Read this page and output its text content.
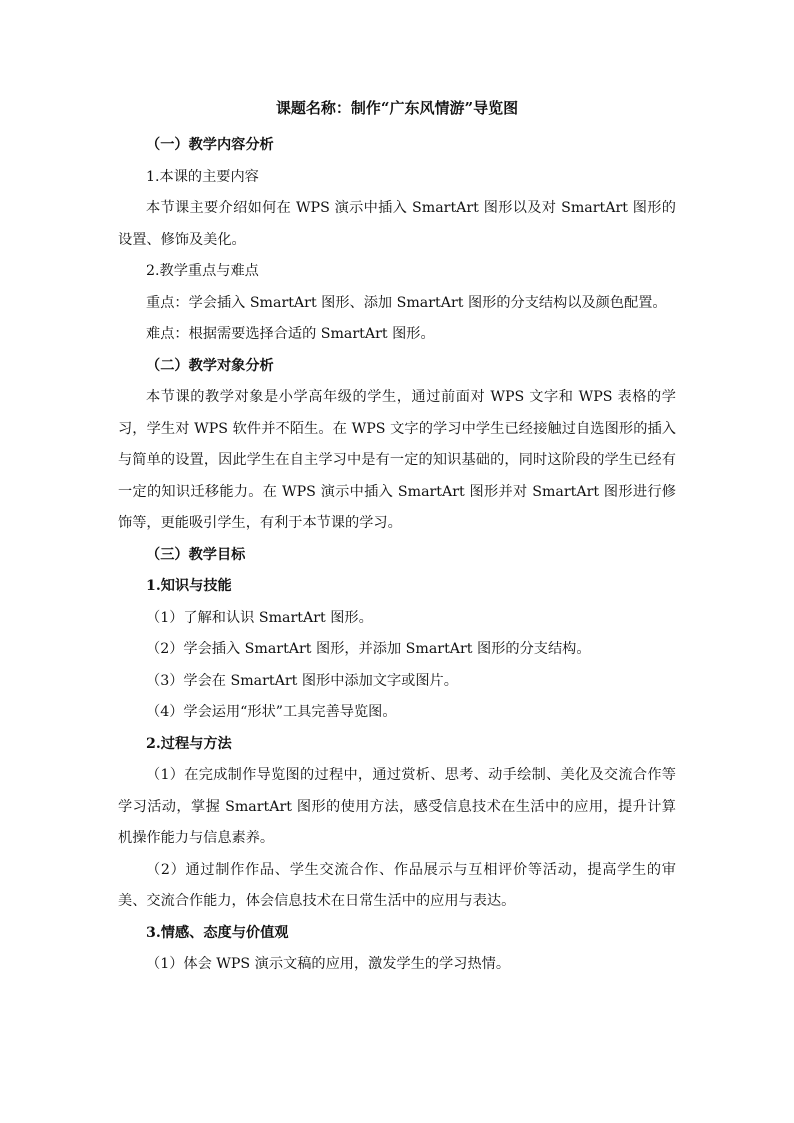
课题名称：制作“广东风情游”导览图

（一）教学内容分析

1.本课的主要内容

本节课主要介绍如何在 WPS 演示中插入 SmartArt 图形以及对 SmartArt 图形的设置、修饰及美化。

2.教学重点与难点

重点：学会插入 SmartArt 图形、添加 SmartArt 图形的分支结构以及颜色配置。

难点：根据需要选择合适的 SmartArt 图形。

（二）教学对象分析

本节课的教学对象是小学高年级的学生，通过前面对 WPS 文字和 WPS 表格的学习，学生对 WPS 软件并不陌生。在 WPS 文字的学习中学生已经接触过自选图形的插入与简单的设置，因此学生在自主学习中是有一定的知识基础的，同时这阶段的学生已经有一定的知识迁移能力。在 WPS 演示中插入 SmartArt 图形并对 SmartArt 图形进行修饰等，更能吸引学生，有利于本节课的学习。

（三）教学目标

1.知识与技能

（1）了解和认识 SmartArt 图形。

（2）学会插入 SmartArt 图形，并添加 SmartArt 图形的分支结构。

（3）学会在 SmartArt 图形中添加文字或图片。

（4）学会运用“形状”工具完善导览图。

2.过程与方法

（1）在完成制作导览图的过程中，通过赏析、思考、动手绘制、美化及交流合作等学习活动，掌握 SmartArt 图形的使用方法，感受信息技术在生活中的应用，提升计算机操作能力与信息素养。

（2）通过制作作品、学生交流合作、作品展示与互相评价等活动，提高学生的审美、交流合作能力，体会信息技术在日常生活中的应用与表达。

3.情感、态度与价值观

（1）体会 WPS 演示文稿的应用，激发学生的学习热情。
